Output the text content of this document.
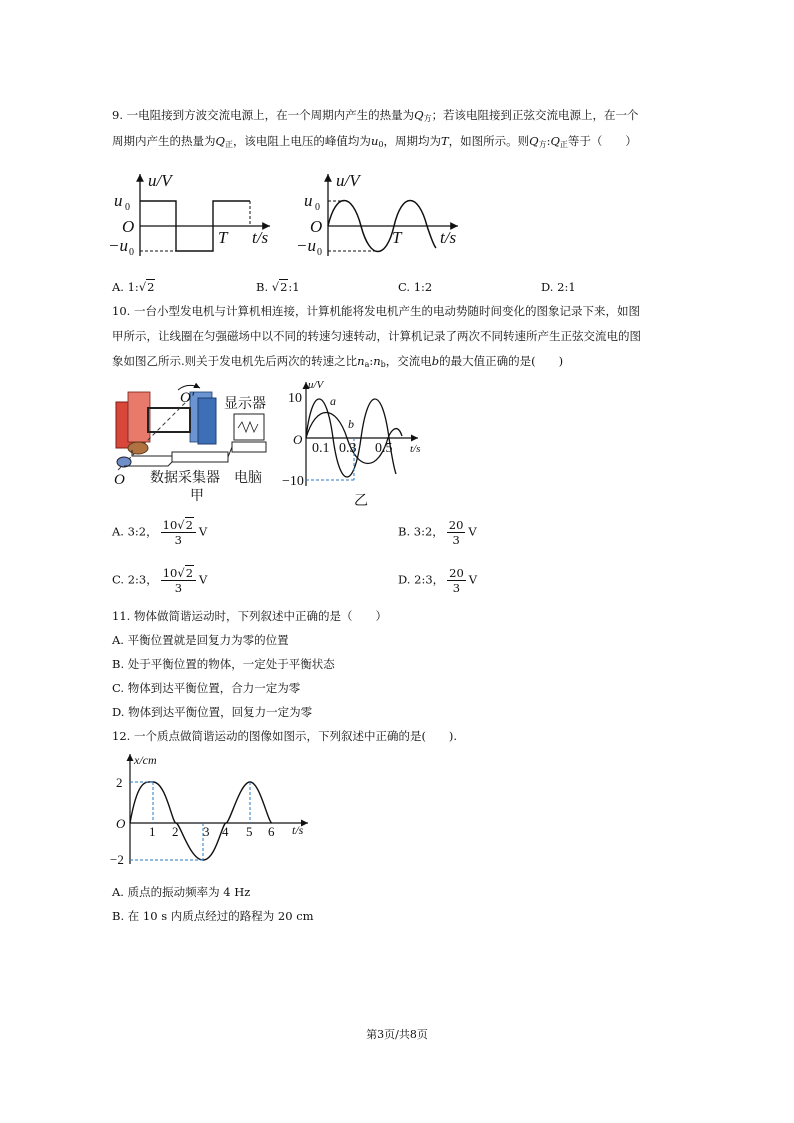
9. 一电阻接到方波交流电源上，在一个周期内产生的热量为$Q_方$；若该电阻接到正弦交流电源上，在一个
周期内产生的热量为$Q_正$，该电阻上电压的峰值均为$u_0$，周期均为T，如图所示。则$Q_方:Q_正$等于（　　）
u/V
u 0
O
−u 0
T t/s
u/V
u 0
O
−u 0
T t/s
A. 1:√2	B. √2:1	C. 1:2	D. 2:1
10. 一台小型发电机与计算机相连接，计算机能将发电机产生的电动势随时间变化的图象记录下来，如图
甲所示，让线圈在匀强磁场中以不同的转速匀速转动，计算机记录了两次不同转速所产生正弦交流电的图
象如图乙所示.则关于发电机先后两次的转速之比$n_a:n_b$，交流电b的最大值正确的是(　　)
O′
O
显示器
数据采集器 电脑
甲
u/V
10
−10
O
0.1 0.3 0.5 t/s
a
b
乙
A. 3:2， $\frac{10√2}{3}$ V	B. 3:2， $\frac{20}{3}$ V
C. 2:3， $\frac{10√2}{3}$ V	D. 2:3， $\frac{20}{3}$ V
11. 物体做简谐运动时，下列叙述中正确的是（　　）
A. 平衡位置就是回复力为零的位置
B. 处于平衡位置的物体，一定处于平衡状态
C. 物体到达平衡位置，合力一定为零
D. 物体到达平衡位置，回复力一定为零
12. 一个质点做简谐运动的图像如图示，下列叙述中正确的是(　　).
x/cm
2
−2
O
1 2 3 4 5 6 t/s
A. 质点的振动频率为 4 Hz
B. 在 10 s 内质点经过的路程为 20 cm
第3页/共8页
